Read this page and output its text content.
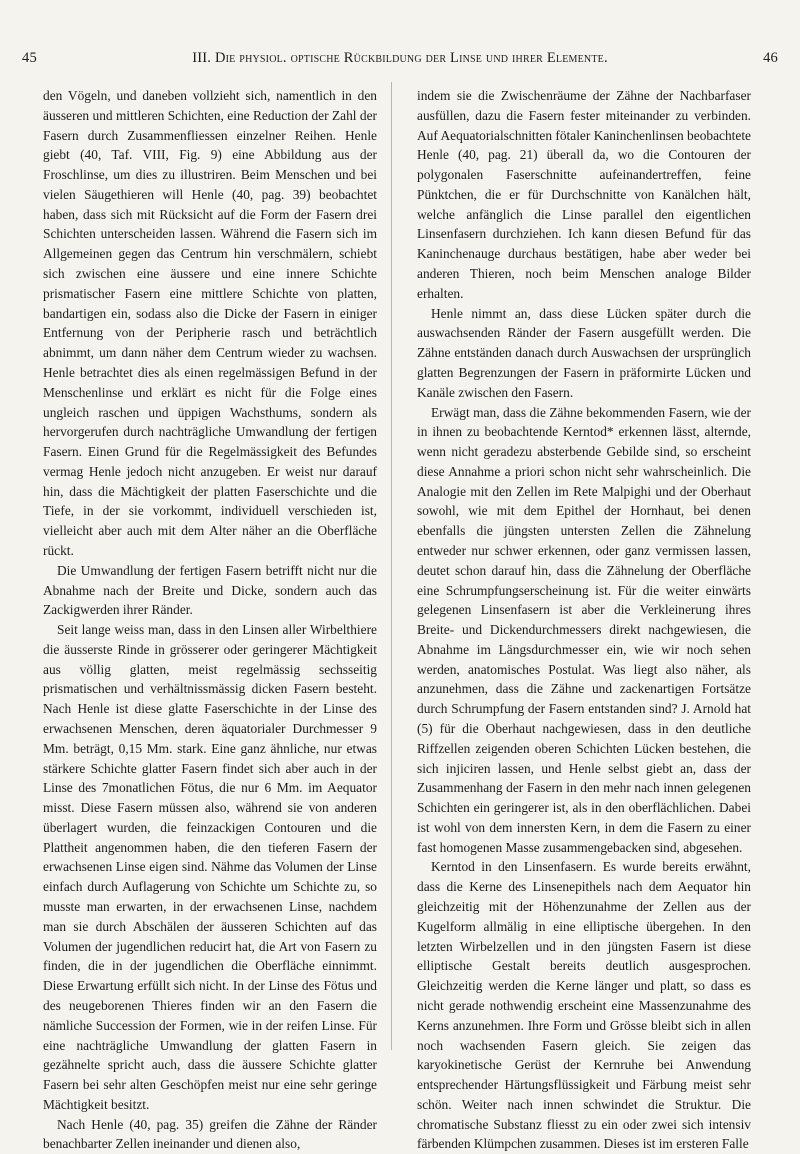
45	III. Die physiol. optische Rückbildung der Linse und ihrer Elemente.	46

den Vögeln, und daneben vollzieht sich, namentlich in den äusseren und mittleren Schichten, eine Reduction der Zahl der Fasern durch Zusammenfliessen einzelner Reihen. Henle giebt (40, Taf. VIII, Fig. 9) eine Abbildung aus der Froschlinse, um dies zu illustriren. Beim Menschen und bei vielen Säugethieren will Henle (40, pag. 39) beobachtet haben, dass sich mit Rücksicht auf die Form der Fasern drei Schichten unterscheiden lassen. Während die Fasern sich im Allgemeinen gegen das Centrum hin verschmälern, schiebt sich zwischen eine äussere und eine innere Schichte prismatischer Fasern eine mittlere Schichte von platten, bandartigen ein, sodass also die Dicke der Fasern in einiger Entfernung von der Peripherie rasch und beträchtlich abnimmt, um dann näher dem Centrum wieder zu wachsen. Henle betrachtet dies als einen regelmässigen Befund in der Menschenlinse und erklärt es nicht für die Folge eines ungleich raschen und üppigen Wachsthums, sondern als hervorgerufen durch nachträgliche Umwandlung der fertigen Fasern. Einen Grund für die Regelmässigkeit des Befundes vermag Henle jedoch nicht anzugeben. Er weist nur darauf hin, dass die Mächtigkeit der platten Faserschichte und die Tiefe, in der sie vorkommt, individuell verschieden ist, vielleicht aber auch mit dem Alter näher an die Oberfläche rückt.

Die Umwandlung der fertigen Fasern betrifft nicht nur die Abnahme nach der Breite und Dicke, sondern auch das Zackigwerden ihrer Ränder.

Seit lange weiss man, dass in den Linsen aller Wirbelthiere die äusserste Rinde in grösserer oder geringerer Mächtigkeit aus völlig glatten, meist regelmässig sechsseitig prismatischen und verhältnissmässig dicken Fasern besteht. Nach Henle ist diese glatte Faserschichte in der Linse des erwachsenen Menschen, deren äquatorialer Durchmesser 9 Mm. beträgt, 0,15 Mm. stark. Eine ganz ähnliche, nur etwas stärkere Schichte glatter Fasern findet sich aber auch in der Linse des 7monatlichen Fötus, die nur 6 Mm. im Aequator misst. Diese Fasern müssen also, während sie von anderen überlagert wurden, die feinzackigen Contouren und die Plattheit angenommen haben, die den tieferen Fasern der erwachsenen Linse eigen sind. Nähme das Volumen der Linse einfach durch Auflagerung von Schichte um Schichte zu, so musste man erwarten, in der erwachsenen Linse, nachdem man sie durch Abschälen der äusseren Schichten auf das Volumen der jugendlichen reducirt hat, die Art von Fasern zu finden, die in der jugendlichen die Oberfläche einnimmt. Diese Erwartung erfüllt sich nicht. In der Linse des Fötus und des neugeborenen Thieres finden wir an den Fasern die nämliche Succession der Formen, wie in der reifen Linse. Für eine nachträgliche Umwandlung der glatten Fasern in gezähnelte spricht auch, dass die äussere Schichte glatter Fasern bei sehr alten Geschöpfen meist nur eine sehr geringe Mächtigkeit besitzt.

Nach Henle (40, pag. 35) greifen die Zähne der Ränder benachbarter Zellen ineinander und dienen also,

indem sie die Zwischenräume der Zähne der Nachbarfaser ausfüllen, dazu die Fasern fester miteinander zu verbinden. Auf Aequatorialschnitten fötaler Kaninchenlinsen beobachtete Henle (40, pag. 21) überall da, wo die Contouren der polygonalen Faserschnitte aufeinandertreffen, feine Pünktchen, die er für Durchschnitte von Kanälchen hält, welche anfänglich die Linse parallel den eigentlichen Linsenfasern durchziehen. Ich kann diesen Befund für das Kaninchenauge durchaus bestätigen, habe aber weder bei anderen Thieren, noch beim Menschen analoge Bilder erhalten.

Henle nimmt an, dass diese Lücken später durch die auswachsenden Ränder der Fasern ausgefüllt werden. Die Zähne entständen danach durch Auswachsen der ursprünglich glatten Begrenzungen der Fasern in präformirte Lücken und Kanäle zwischen den Fasern.

Erwägt man, dass die Zähne bekommenden Fasern, wie der in ihnen zu beobachtende Kerntod* erkennen lässt, alternde, wenn nicht geradezu absterbende Gebilde sind, so erscheint diese Annahme a priori schon nicht sehr wahrscheinlich. Die Analogie mit den Zellen im Rete Malpighi und der Oberhaut sowohl, wie mit dem Epithel der Hornhaut, bei denen ebenfalls die jüngsten untersten Zellen die Zähnelung entweder nur schwer erkennen, oder ganz vermissen lassen, deutet schon darauf hin, dass die Zähnelung der Oberfläche eine Schrumpfungserscheinung ist. Für die weiter einwärts gelegenen Linsenfasern ist aber die Verkleinerung ihres Breite- und Dickendurchmessers direkt nachgewiesen, die Abnahme im Längsdurchmesser ein, wie wir noch sehen werden, anatomisches Postulat. Was liegt also näher, als anzunehmen, dass die Zähne und zackenartigen Fortsätze durch Schrumpfung der Fasern entstanden sind? J. Arnold hat (5) für die Oberhaut nachgewiesen, dass in den deutliche Riffzellen zeigenden oberen Schichten Lücken bestehen, die sich injiciren lassen, und Henle selbst giebt an, dass der Zusammenhang der Fasern in den mehr nach innen gelegenen Schichten ein geringerer ist, als in den oberflächlichen. Dabei ist wohl von dem innersten Kern, in dem die Fasern zu einer fast homogenen Masse zusammengebacken sind, abgesehen.

Kerntod in den Linsenfasern. Es wurde bereits erwähnt, dass die Kerne des Linsenepithels nach dem Aequator hin gleichzeitig mit der Höhenzunahme der Zellen aus der Kugelform allmälig in eine elliptische übergehen. In den letzten Wirbelzellen und in den jüngsten Fasern ist diese elliptische Gestalt bereits deutlich ausgesprochen. Gleichzeitig werden die Kerne länger und platt, so dass es nicht gerade nothwendig erscheint eine Massenzunahme des Kerns anzunehmen. Ihre Form und Grösse bleibt sich in allen noch wachsenden Fasern gleich. Sie zeigen das karyokinetische Gerüst der Kernruhe bei Anwendung entsprechender Härtungsflüssigkeit und Färbung meist sehr schön. Weiter nach innen schwindet die Struktur. Die chromatische Substanz fliesst zu ein oder zwei sich intensiv färbenden Klümpchen zusammen. Dieses ist im ersteren Falle
